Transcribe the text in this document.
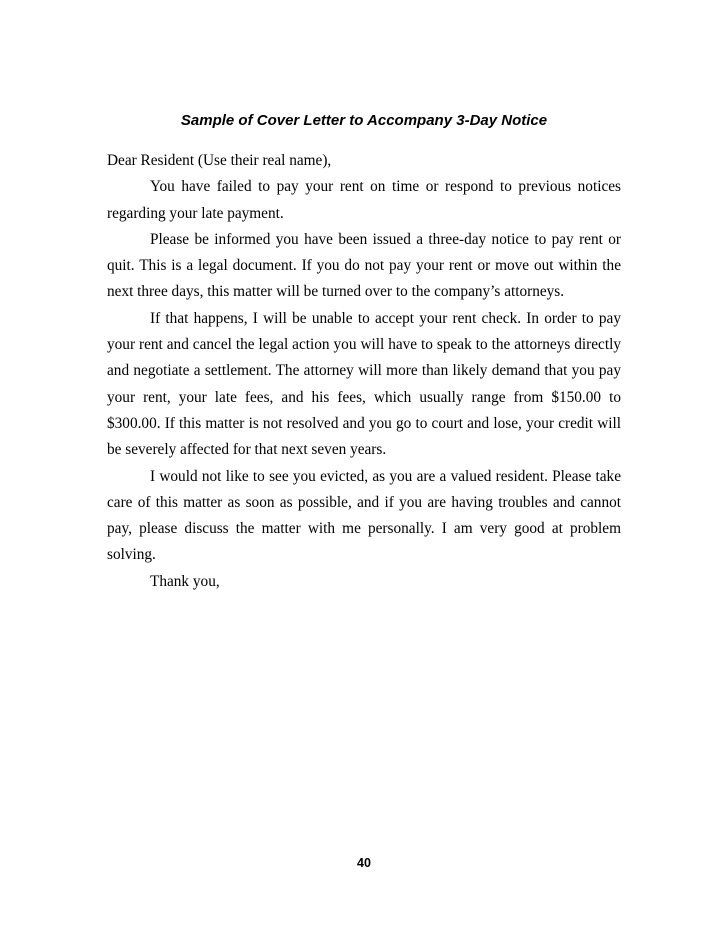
Sample of Cover Letter to Accompany 3-Day Notice

Dear Resident (Use their real name),

You have failed to pay your rent on time or respond to previous notices regarding your late payment.

Please be informed you have been issued a three-day notice to pay rent or quit. This is a legal document. If you do not pay your rent or move out within the next three days, this matter will be turned over to the company’s attorneys.

If that happens, I will be unable to accept your rent check. In order to pay your rent and cancel the legal action you will have to speak to the attorneys directly and negotiate a settlement. The attorney will more than likely demand that you pay your rent, your late fees, and his fees, which usually range from $150.00 to $300.00. If this matter is not resolved and you go to court and lose, your credit will be severely affected for that next seven years.

I would not like to see you evicted, as you are a valued resident. Please take care of this matter as soon as possible, and if you are having troubles and cannot pay, please discuss the matter with me personally. I am very good at problem solving.

Thank you,

40
